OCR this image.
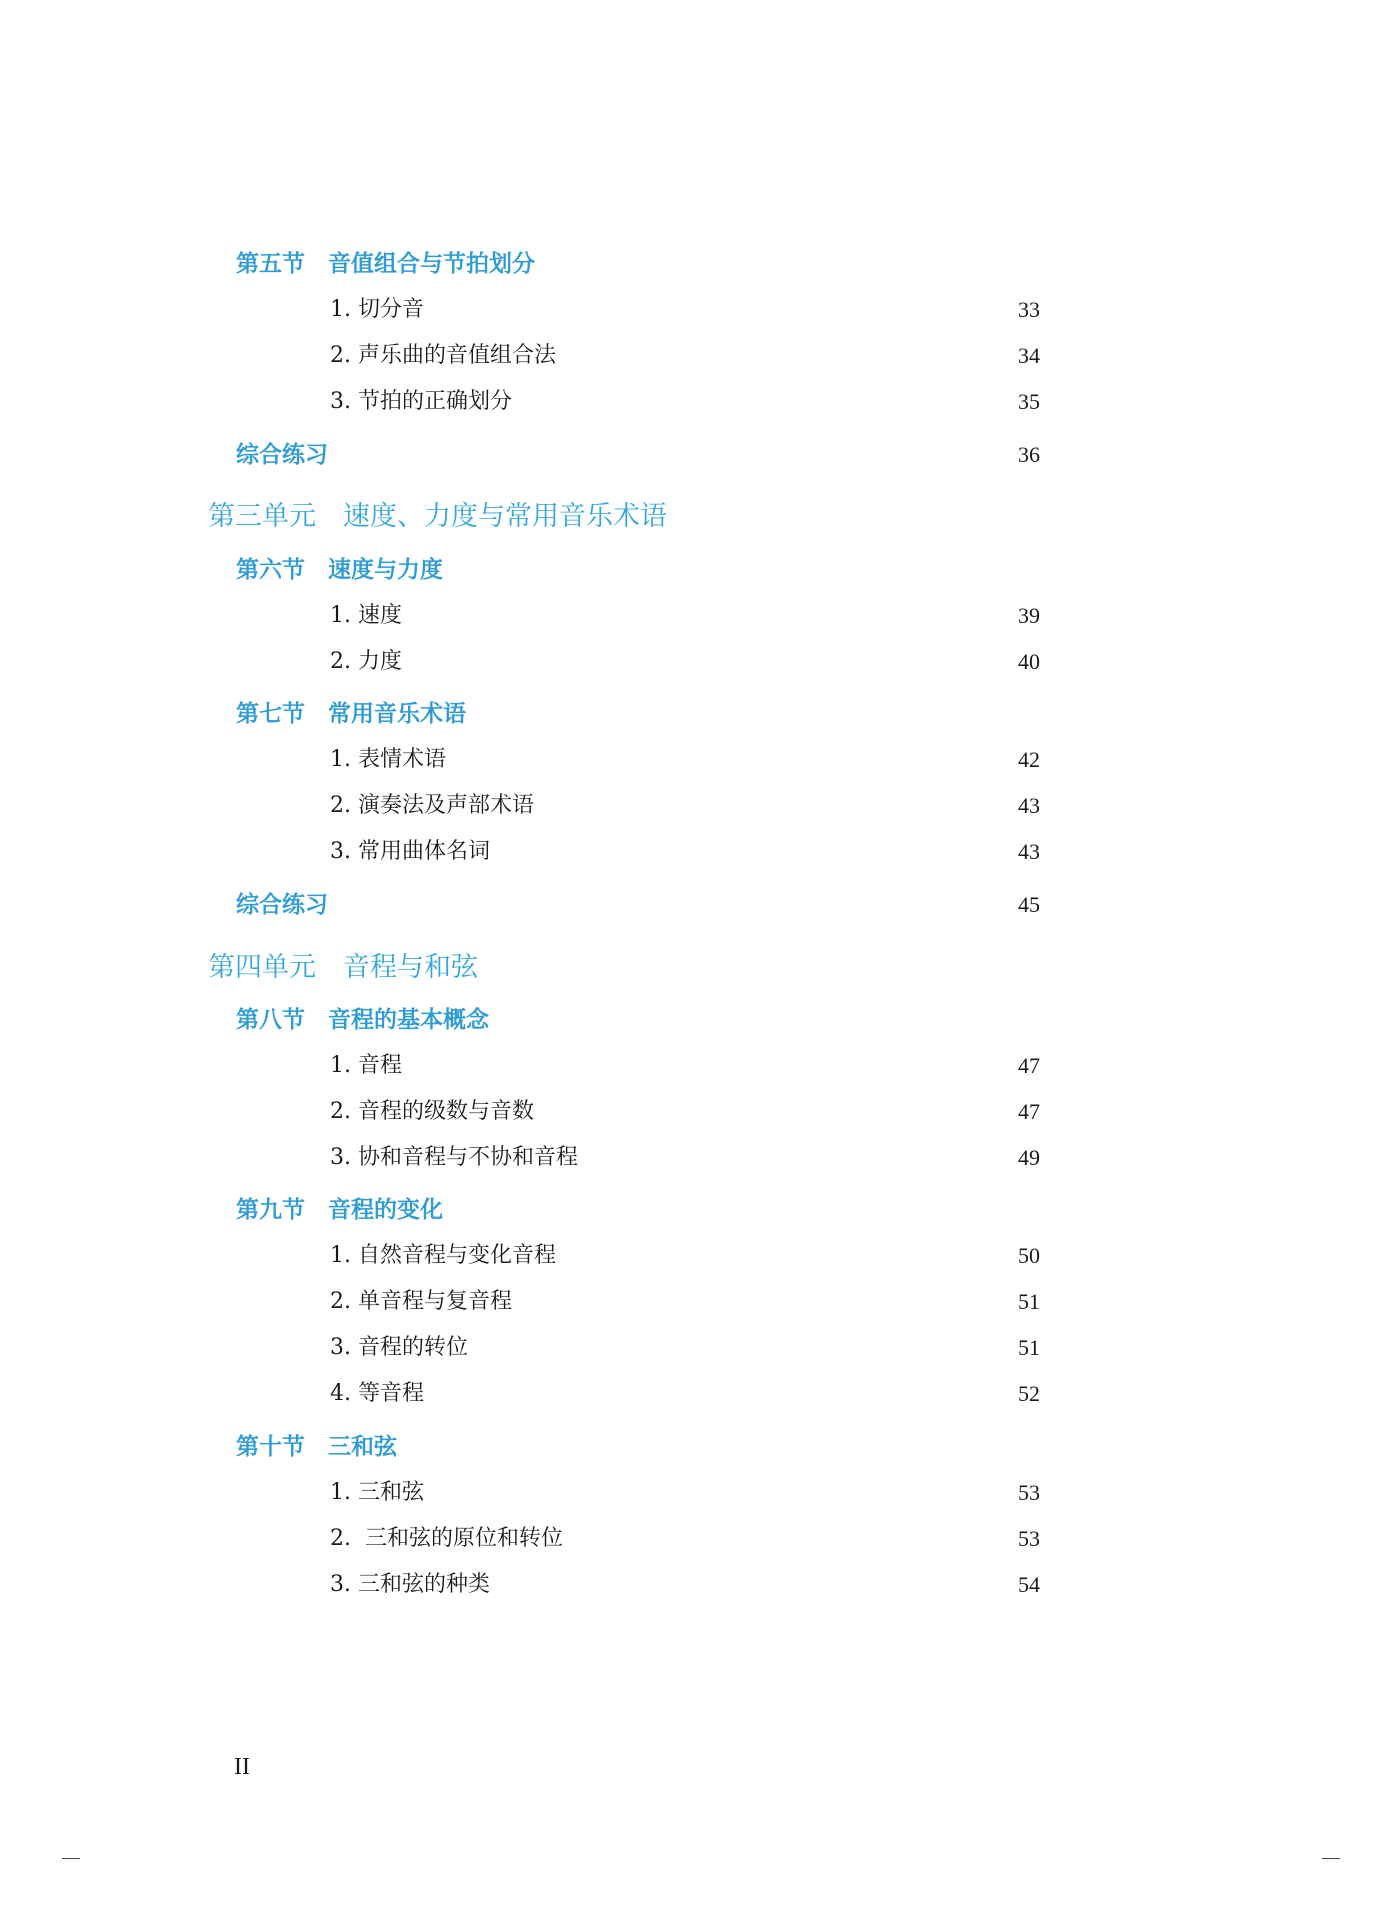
第五节　音值组合与节拍划分
1. 切分音	33
2. 声乐曲的音值组合法	34
3. 节拍的正确划分	35
综合练习	36
第三单元　速度、力度与常用音乐术语
第六节　速度与力度
1. 速度	39
2. 力度	40
第七节　常用音乐术语
1. 表情术语	42
2. 演奏法及声部术语	43
3. 常用曲体名词	43
综合练习	45
第四单元　音程与和弦
第八节　音程的基本概念
1. 音程	47
2. 音程的级数与音数	47
3. 协和音程与不协和音程	49
第九节　音程的变化
1. 自然音程与变化音程	50
2. 单音程与复音程	51
3. 音程的转位	51
4. 等音程	52
第十节　三和弦
1. 三和弦	53
2.  三和弦的原位和转位	53
3. 三和弦的种类	54
II
